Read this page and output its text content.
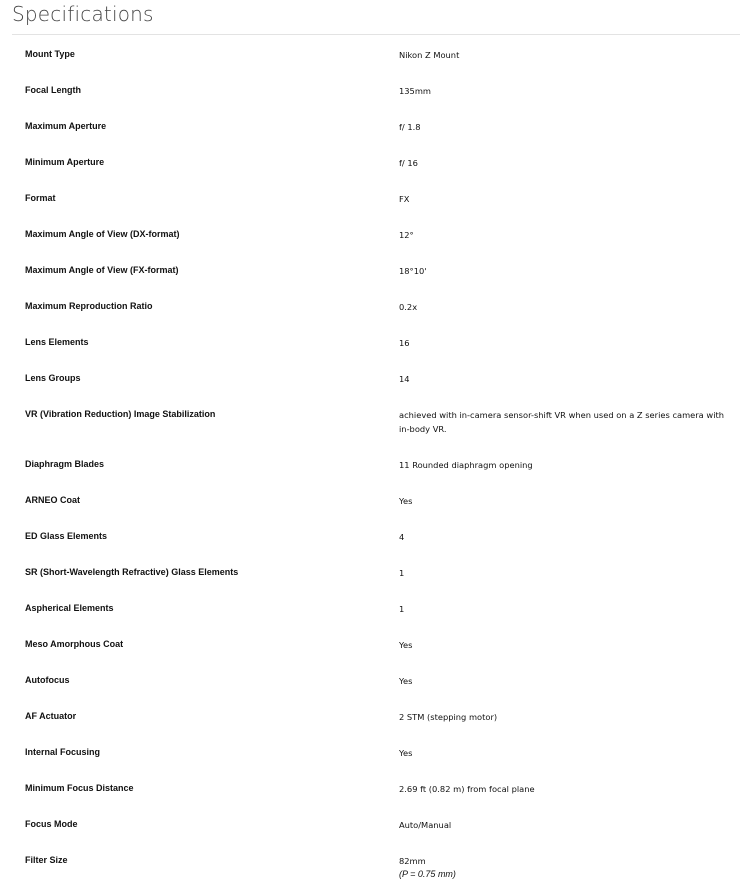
Specifications
Mount Type	Nikon Z Mount
Focal Length	135mm
Maximum Aperture	f/ 1.8
Minimum Aperture	f/ 16
Format	FX
Maximum Angle of View (DX-format)	12°
Maximum Angle of View (FX-format)	18°10'
Maximum Reproduction Ratio	0.2x
Lens Elements	16
Lens Groups	14
VR (Vibration Reduction) Image Stabilization	achieved with in-camera sensor-shift VR when used on a Z series camera with in-body VR.
Diaphragm Blades	11 Rounded diaphragm opening
ARNEO Coat	Yes
ED Glass Elements	4
SR (Short-Wavelength Refractive) Glass Elements	1
Aspherical Elements	1
Meso Amorphous Coat	Yes
Autofocus	Yes
AF Actuator	2 STM (stepping motor)
Internal Focusing	Yes
Minimum Focus Distance	2.69 ft (0.82 m) from focal plane
Focus Mode	Auto/Manual
Filter Size	82mm
(P = 0.75 mm)
